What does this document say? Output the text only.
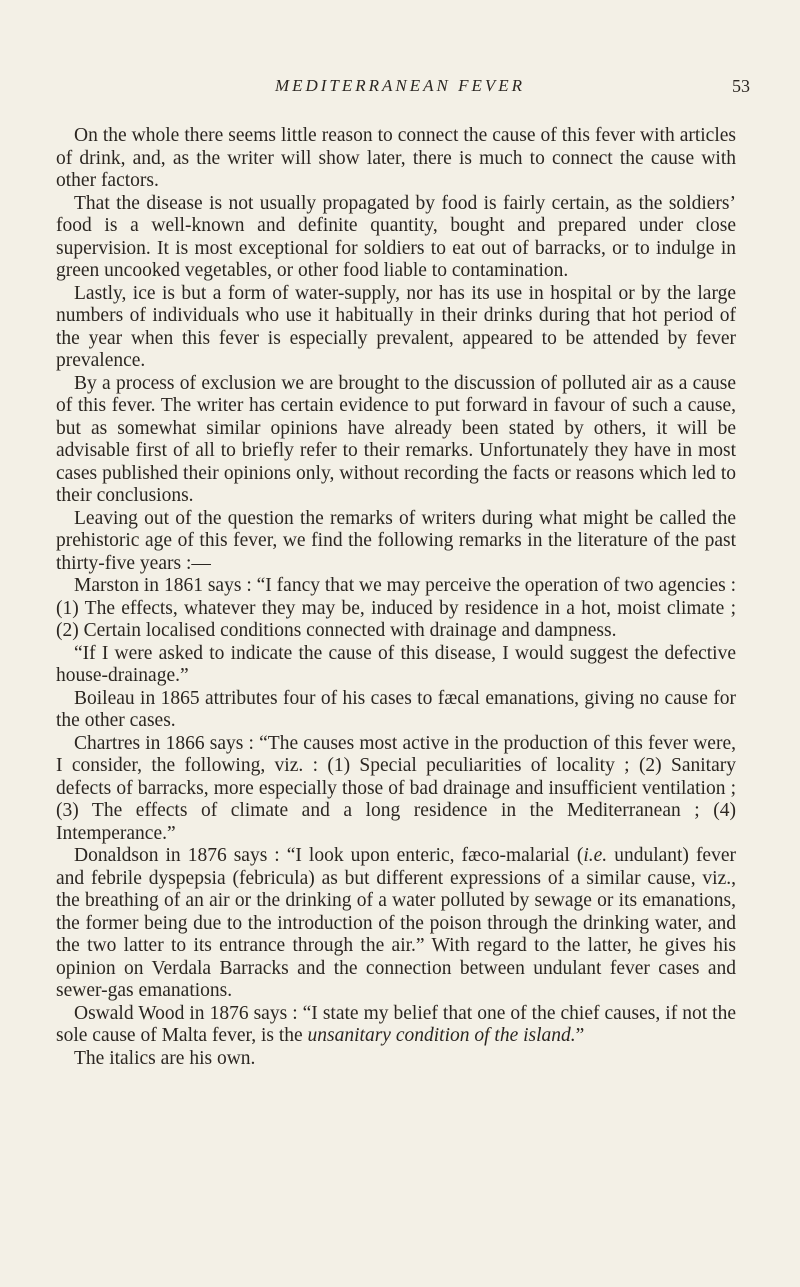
MEDITERRANEAN FEVER	53

On the whole there seems little reason to connect the cause of this fever with articles of drink, and, as the writer will show later, there is much to connect the cause with other factors.

That the disease is not usually propagated by food is fairly certain, as the soldiers’ food is a well-known and definite quantity, bought and prepared under close supervision. It is most exceptional for soldiers to eat out of barracks, or to indulge in green uncooked vegetables, or other food liable to contamination.

Lastly, ice is but a form of water-supply, nor has its use in hospital or by the large numbers of individuals who use it habitually in their drinks during that hot period of the year when this fever is especially prevalent, appeared to be attended by fever prevalence.

By a process of exclusion we are brought to the discussion of polluted air as a cause of this fever. The writer has certain evidence to put forward in favour of such a cause, but as somewhat similar opinions have already been stated by others, it will be advisable first of all to briefly refer to their remarks. Unfortunately they have in most cases published their opinions only, without recording the facts or reasons which led to their conclusions.

Leaving out of the question the remarks of writers during what might be called the prehistoric age of this fever, we find the following remarks in the literature of the past thirty-five years :—

Marston in 1861 says : “I fancy that we may perceive the operation of two agencies : (1) The effects, whatever they may be, induced by residence in a hot, moist climate ; (2) Certain localised conditions connected with drainage and dampness.

“If I were asked to indicate the cause of this disease, I would suggest the defective house-drainage.”

Boileau in 1865 attributes four of his cases to fæcal emanations, giving no cause for the other cases.

Chartres in 1866 says : “The causes most active in the production of this fever were, I consider, the following, viz. : (1) Special peculiarities of locality ; (2) Sanitary defects of barracks, more especially those of bad drainage and insufficient ventilation ; (3) The effects of climate and a long residence in the Mediterranean ; (4) Intemperance.”

Donaldson in 1876 says : “I look upon enteric, fæco-malarial (i.e. undulant) fever and febrile dyspepsia (febricula) as but different expressions of a similar cause, viz., the breathing of an air or the drinking of a water polluted by sewage or its emanations, the former being due to the introduction of the poison through the drinking water, and the two latter to its entrance through the air.” With regard to the latter, he gives his opinion on Verdala Barracks and the connection between undulant fever cases and sewer-gas emanations.

Oswald Wood in 1876 says : “I state my belief that one of the chief causes, if not the sole cause of Malta fever, is the unsanitary condition of the island.”

The italics are his own.
